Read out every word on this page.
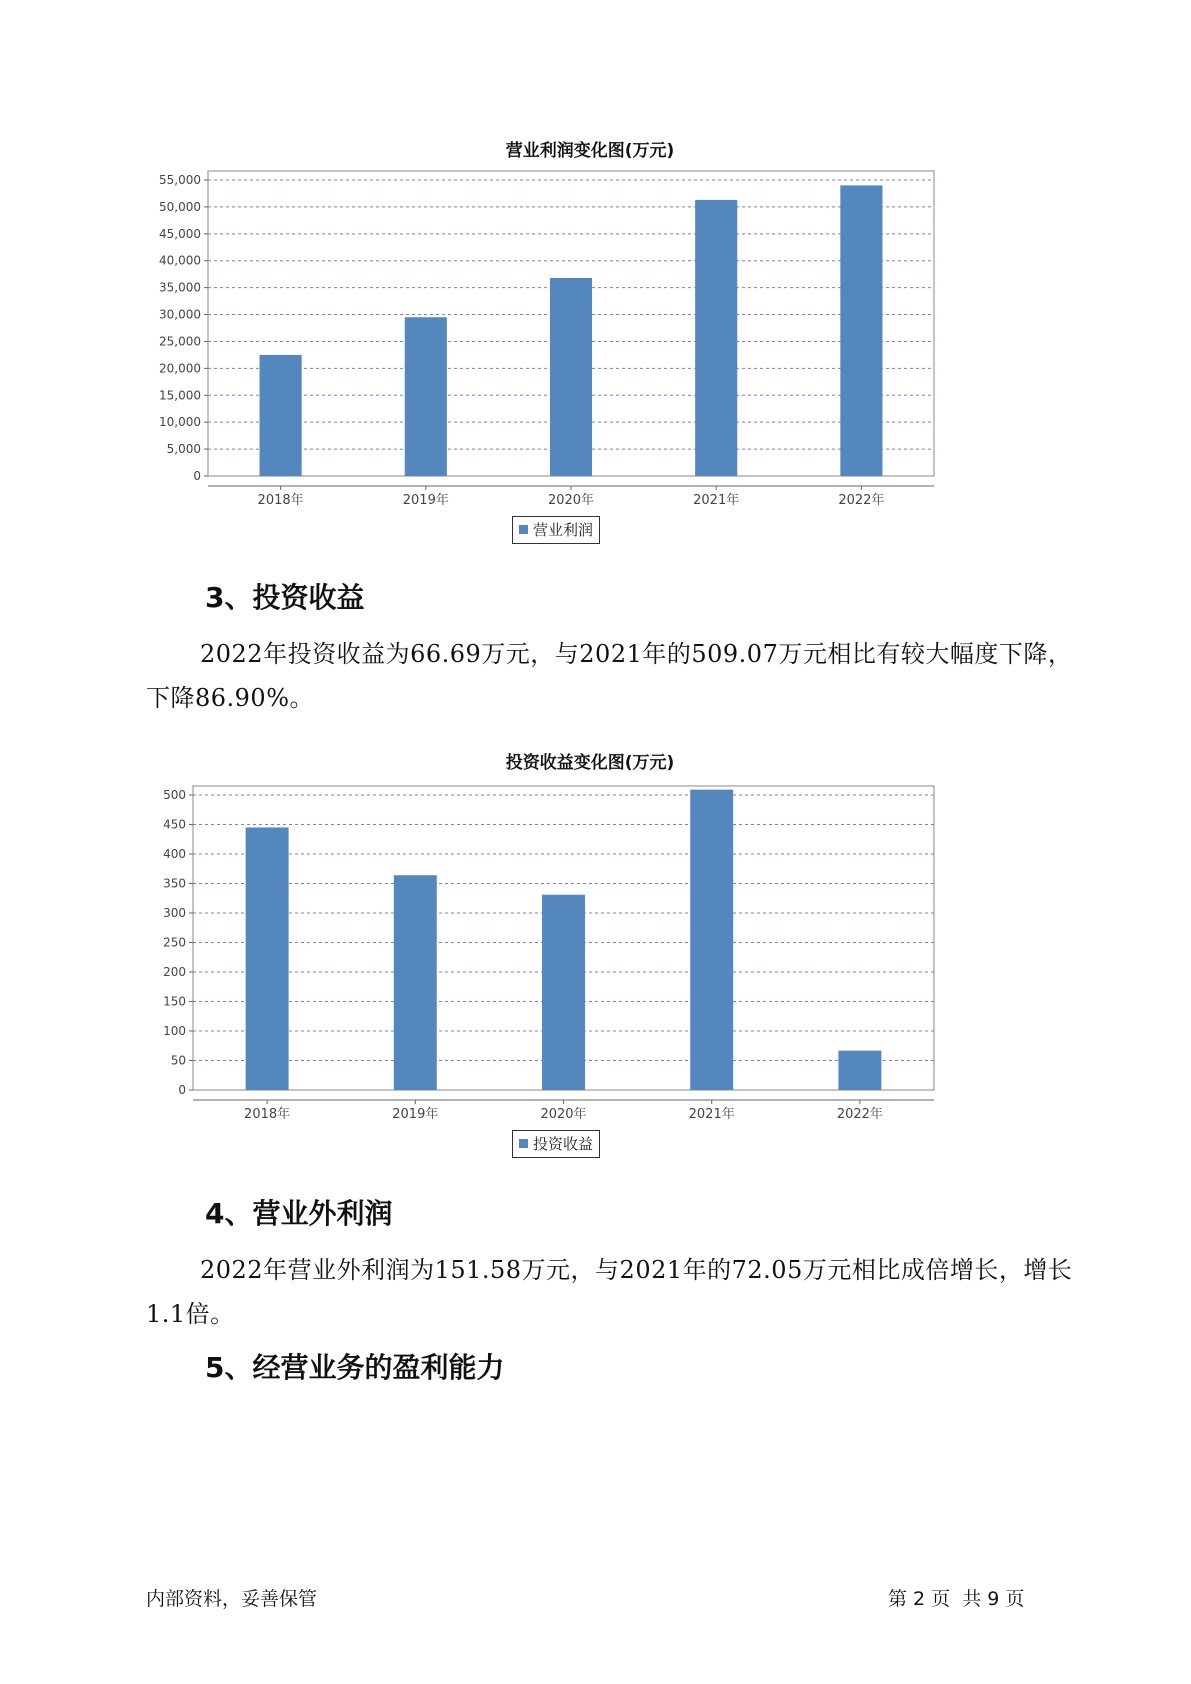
营业利润变化图(万元)
0
5,000
10,000
15,000
20,000
25,000
30,000
35,000
40,000
45,000
50,000
55,000
2018年	2019年	2020年	2021年	2022年
营业利润
3、投资收益

2022年投资收益为66.69万元，与2021年的509.07万元相比有较大幅度下降，下降86.90%。

投资收益变化图(万元)
0
50
100
150
200
250
300
350
400
450
500
2018年	2019年	2020年	2021年	2022年
投资收益
4、营业外利润

2022年营业外利润为151.58万元，与2021年的72.05万元相比成倍增长，增长1.1倍。

5、经营业务的盈利能力
内部资料，妥善保管	第 2 页  共 9 页
